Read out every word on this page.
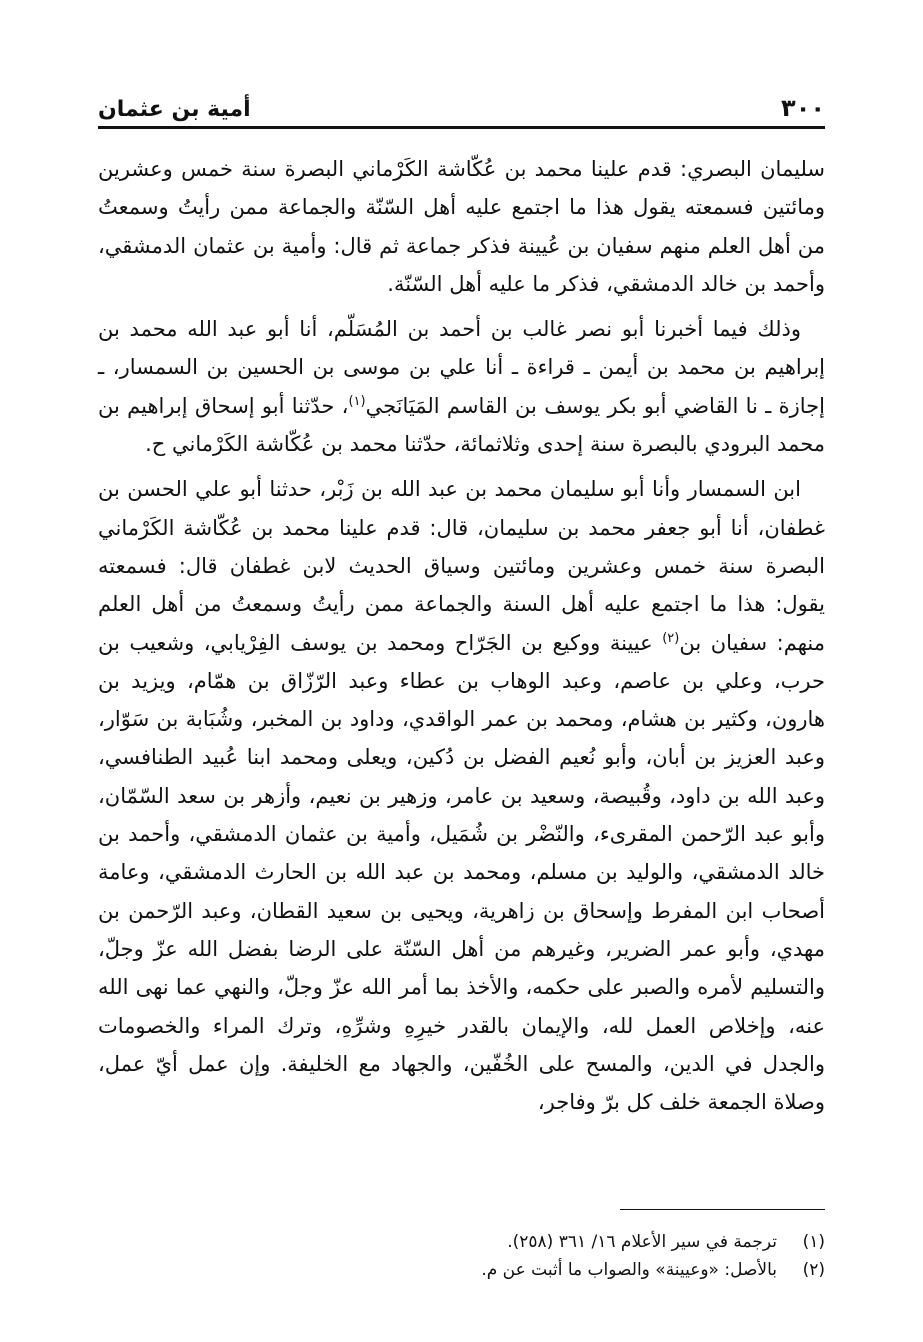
٣٠٠
أمية بن عثمان

سليمان البصري: قدم علينا محمد بن عُكّاشة الكَرْماني البصرة سنة خمس وعشرين ومائتين فسمعته يقول هذا ما اجتمع عليه أهل السّنّة والجماعة ممن رأيتُ وسمعتُ من أهل العلم منهم سفيان بن عُيينة فذكر جماعة ثم قال: وأمية بن عثمان الدمشقي، وأحمد بن خالد الدمشقي، فذكر ما عليه أهل السّنّة.

وذلك فيما أخبرنا أبو نصر غالب بن أحمد بن المُسَلّم، أنا أبو عبد الله محمد بن إبراهيم بن محمد بن أيمن ـ قراءة ـ أنا علي بن موسى بن الحسين بن السمسار، ـ إجازة ـ نا القاضي أبو بكر يوسف بن القاسم المَيَانَجي$^{(١)}$، حدّثنا أبو إسحاق إبراهيم بن محمد البرودي بالبصرة سنة إحدى وثلاثمائة، حدّثنا محمد بن عُكّاشة الكَرْماني ح.

ابن السمسار وأنا أبو سليمان محمد بن عبد الله بن زَبْر، حدثنا أبو علي الحسن بن غطفان، أنا أبو جعفر محمد بن سليمان، قال: قدم علينا محمد بن عُكّاشة الكَرْماني البصرة سنة خمس وعشرين ومائتين وسياق الحديث لابن غطفان قال: فسمعته يقول: هذا ما اجتمع عليه أهل السنة والجماعة ممن رأيتُ وسمعتُ من أهل العلم منهم: سفيان بن$^{(٢)}$ عيينة ووكيع بن الجَرّاح ومحمد بن يوسف الفِرْيابي، وشعيب بن حرب، وعلي بن عاصم، وعبد الوهاب بن عطاء وعبد الرّزّاق بن همّام، ويزيد بن هارون، وكثير بن هشام، ومحمد بن عمر الواقدي، وداود بن المخبر، وشُبَابة بن سَوّار، وعبد العزيز بن أبان، وأبو نُعيم الفضل بن دُكين، ويعلى ومحمد ابنا عُبيد الطنافسي، وعبد الله بن داود، وقُبيصة، وسعيد بن عامر، وزهير بن نعيم، وأزهر بن سعد السّمّان، وأبو عبد الرّحمن المقرىء، والنّضْر بن شُمَيل، وأمية بن عثمان الدمشقي، وأحمد بن خالد الدمشقي، والوليد بن مسلم، ومحمد بن عبد الله بن الحارث الدمشقي، وعامة أصحاب ابن المفرط وإسحاق بن زاهرية، ويحيى بن سعيد القطان، وعبد الرّحمن بن مهدي، وأبو عمر الضرير، وغيرهم من أهل السّنّة على الرضا بفضل الله عزّ وجلّ، والتسليم لأمره والصبر على حكمه، والأخذ بما أمر الله عزّ وجلّ، والنهي عما نهى الله عنه، وإخلاص العمل لله، والإيمان بالقدر خيرِهِ وشرِّهِ، وترك المراء والخصومات والجدل في الدين، والمسح على الخُفّين، والجهاد مع الخليفة. وإن عمل أيّ عمل، وصلاة الجمعة خلف كل برّ وفاجر،

(١)
ترجمة في سير الأعلام ١٦/ ٣٦١ (٢٥٨).
(٢)
بالأصل: «وعيينة» والصواب ما أثبت عن م.
